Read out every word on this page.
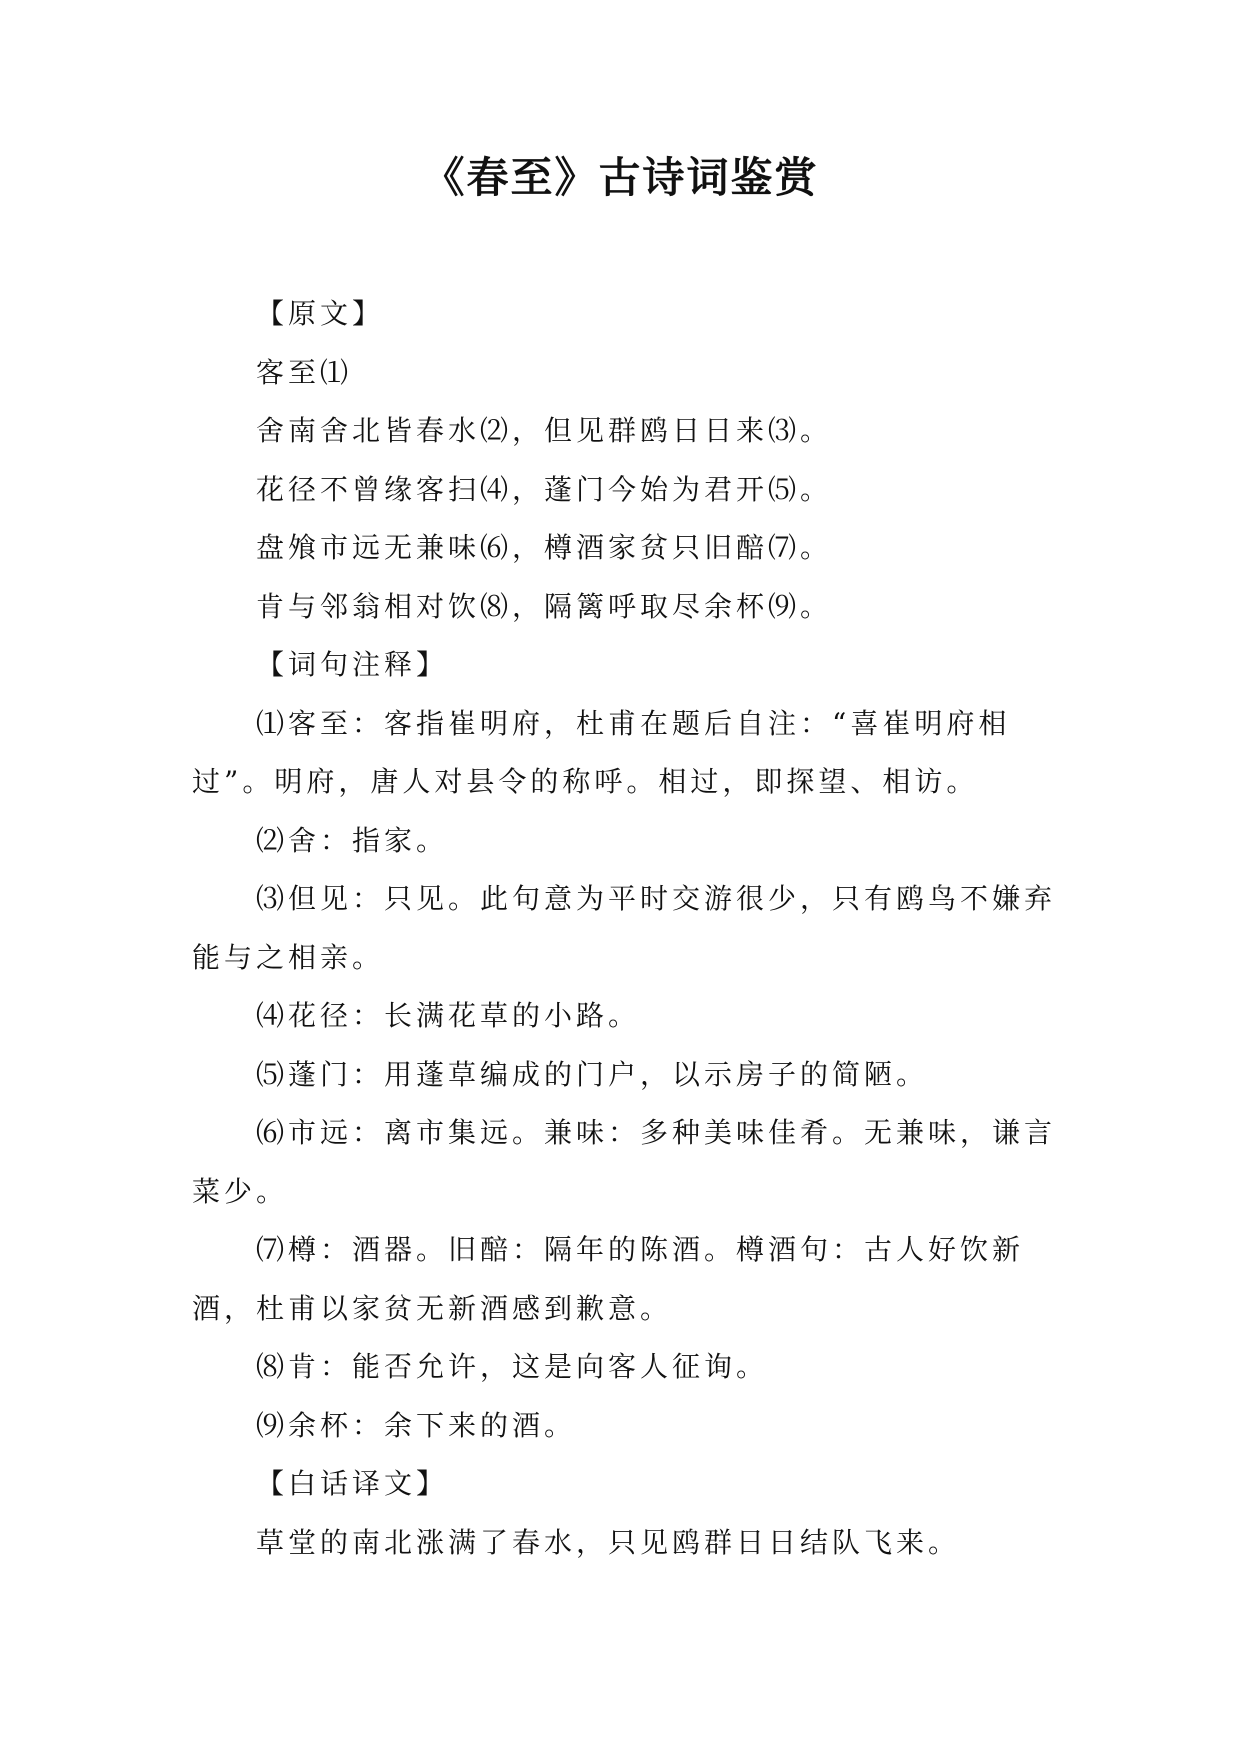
《春至》古诗词鉴赏

【原文】

客至⑴

舍南舍北皆春水⑵，但见群鸥日日来⑶。

花径不曾缘客扫⑷，蓬门今始为君开⑸。

盘飧市远无兼味⑹，樽酒家贫只旧醅⑺。

肯与邻翁相对饮⑻，隔篱呼取尽余杯⑼。

【词句注释】

⑴客至：客指崔明府，杜甫在题后自注：“喜崔明府相过”。明府，唐人对县令的称呼。相过，即探望、相访。

⑵舍：指家。

⑶但见：只见。此句意为平时交游很少，只有鸥鸟不嫌弃能与之相亲。

⑷花径：长满花草的小路。

⑸蓬门：用蓬草编成的门户，以示房子的简陋。

⑹市远：离市集远。兼味：多种美味佳肴。无兼味，谦言菜少。

⑺樽：酒器。旧醅：隔年的陈酒。樽酒句：古人好饮新酒，杜甫以家贫无新酒感到歉意。

⑻肯：能否允许，这是向客人征询。

⑼余杯：余下来的酒。

【白话译文】

草堂的南北涨满了春水，只见鸥群日日结队飞来。
